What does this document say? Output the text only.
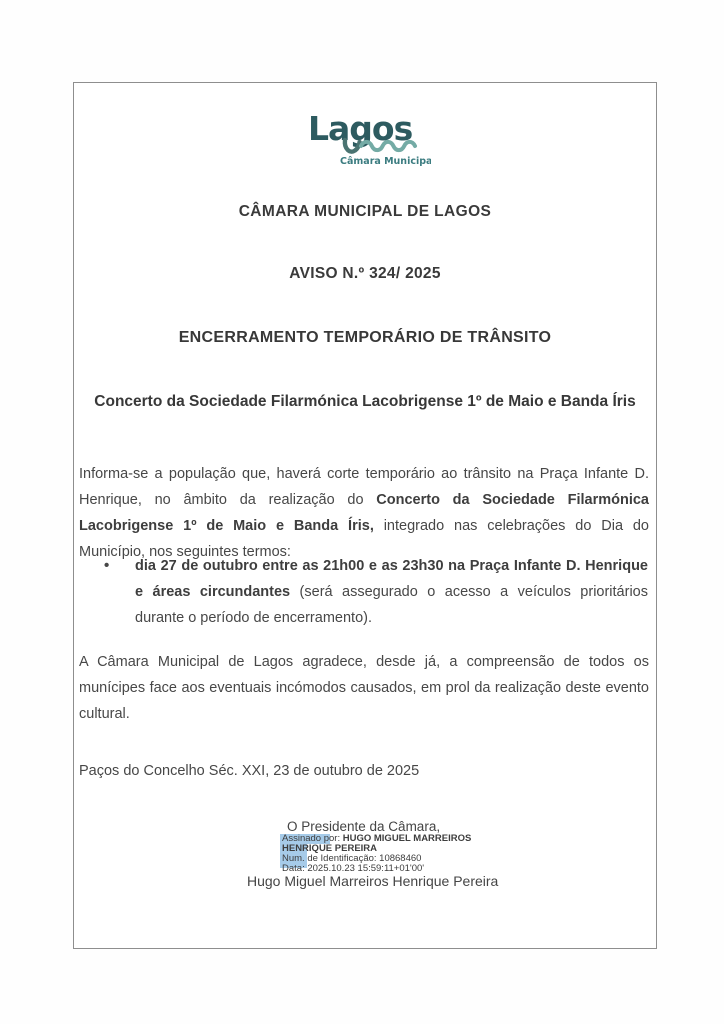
Lagos
Câmara Municipal
CÂMARA MUNICIPAL DE LAGOS
AVISO N.º 324/ 2025
ENCERRAMENTO TEMPORÁRIO DE TRÂNSITO
Concerto da Sociedade Filarmónica Lacobrigense 1º de Maio e Banda Íris

Informa-se a população que, haverá corte temporário ao trânsito na Praça Infante D. Henrique, no âmbito da realização do Concerto da Sociedade Filarmónica Lacobrigense 1º de Maio e Banda Íris, integrado nas celebrações do Dia do Município, nos seguintes termos:

•	dia 27 de outubro entre as 21h00 e as 23h30 na Praça Infante D. Henrique e áreas circundantes (será assegurado o acesso a veículos prioritários durante o período de encerramento).

A Câmara Municipal de Lagos agradece, desde já, a compreensão de todos os munícipes face aos eventuais incómodos causados, em prol da realização deste evento cultural.

Paços do Concelho Séc. XXI, 23 de outubro de 2025

O Presidente da Câmara,
Assinado por: HUGO MIGUEL MARREIROS
HENRIQUE PEREIRA
Num. de Identificação: 10868460
Data: 2025.10.23 15:59:11+01'00'
Hugo Miguel Marreiros Henrique Pereira
